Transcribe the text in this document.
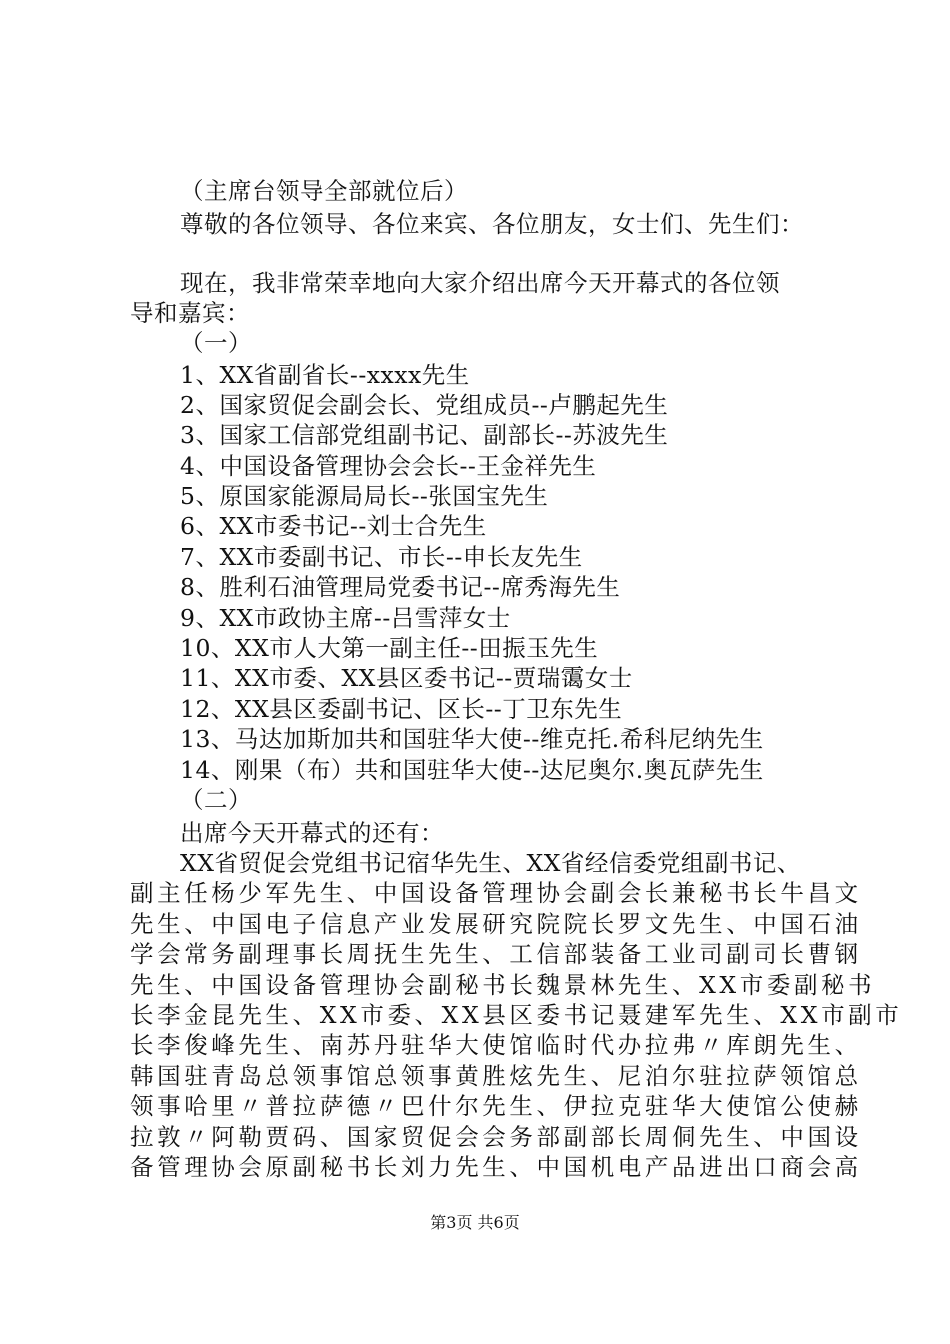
（主席台领导全部就位后）
尊敬的各位领导、各位来宾、各位朋友，女士们、先生们：
现在，我非常荣幸地向大家介绍出席今天开幕式的各位领
导和嘉宾：
（一）
1、XX省副省长--xxxx先生
2、国家贸促会副会长、党组成员--卢鹏起先生
3、国家工信部党组副书记、副部长--苏波先生
4、中国设备管理协会会长--王金祥先生
5、原国家能源局局长--张国宝先生
6、XX市委书记--刘士合先生
7、XX市委副书记、市长--申长友先生
8、胜利石油管理局党委书记--席秀海先生
9、XX市政协主席--吕雪萍女士
10、XX市人大第一副主任--田振玉先生
11、XX市委、XX县区委书记--贾瑞霭女士
12、XX县区委副书记、区长--丁卫东先生
13、马达加斯加共和国驻华大使--维克托.希科尼纳先生
14、刚果（布）共和国驻华大使--达尼奥尔.奥瓦萨先生
（二）
出席今天开幕式的还有：
XX省贸促会党组书记宿华先生、XX省经信委党组副书记、
副主任杨少军先生、中国设备管理协会副会长兼秘书长牛昌文
先生、中国电子信息产业发展研究院院长罗文先生、中国石油
学会常务副理事长周抚生先生、工信部装备工业司副司长曹钢
先生、中国设备管理协会副秘书长魏景林先生、XX市委副秘书
长李金昆先生、XX市委、XX县区委书记聂建军先生、XX市副市
长李俊峰先生、南苏丹驻华大使馆临时代办拉弗〃库朗先生、
韩国驻青岛总领事馆总领事黄胜炫先生、尼泊尔驻拉萨领馆总
领事哈里〃普拉萨德〃巴什尔先生、伊拉克驻华大使馆公使赫
拉敦〃阿勒贾码、国家贸促会会务部副部长周侗先生、中国设
备管理协会原副秘书长刘力先生、中国机电产品进出口商会高
第3页 共6页
